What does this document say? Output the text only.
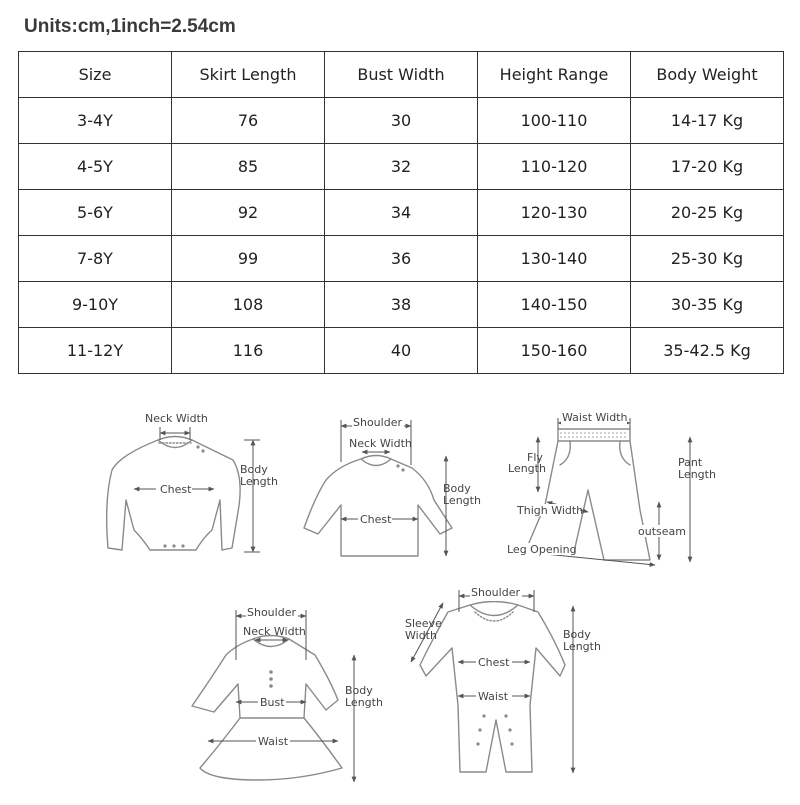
Units:cm,1inch=2.54cm
Size	Skirt Length	Bust Width	Height Range	Body Weight
3-4Y	76	30	100-110	14-17 Kg
4-5Y	85	32	110-120	17-20 Kg
5-6Y	92	34	120-130	20-25 Kg
7-8Y	99	36	130-140	25-30 Kg
9-10Y	108	38	140-150	30-35 Kg
11-12Y	116	40	150-160	35-42.5 Kg
Neck Width
Chest
Body
Length
Shoulder
Neck Width
Chest
Body
Length
Waist Width
Fly
Length	Pant
Length
Thigh Width
outseam
Leg Opening
Shoulder
Neck Width
Bust
Waist
Body
Length
Shoulder
Sleeve
Width
Chest
Waist
Body
Length
